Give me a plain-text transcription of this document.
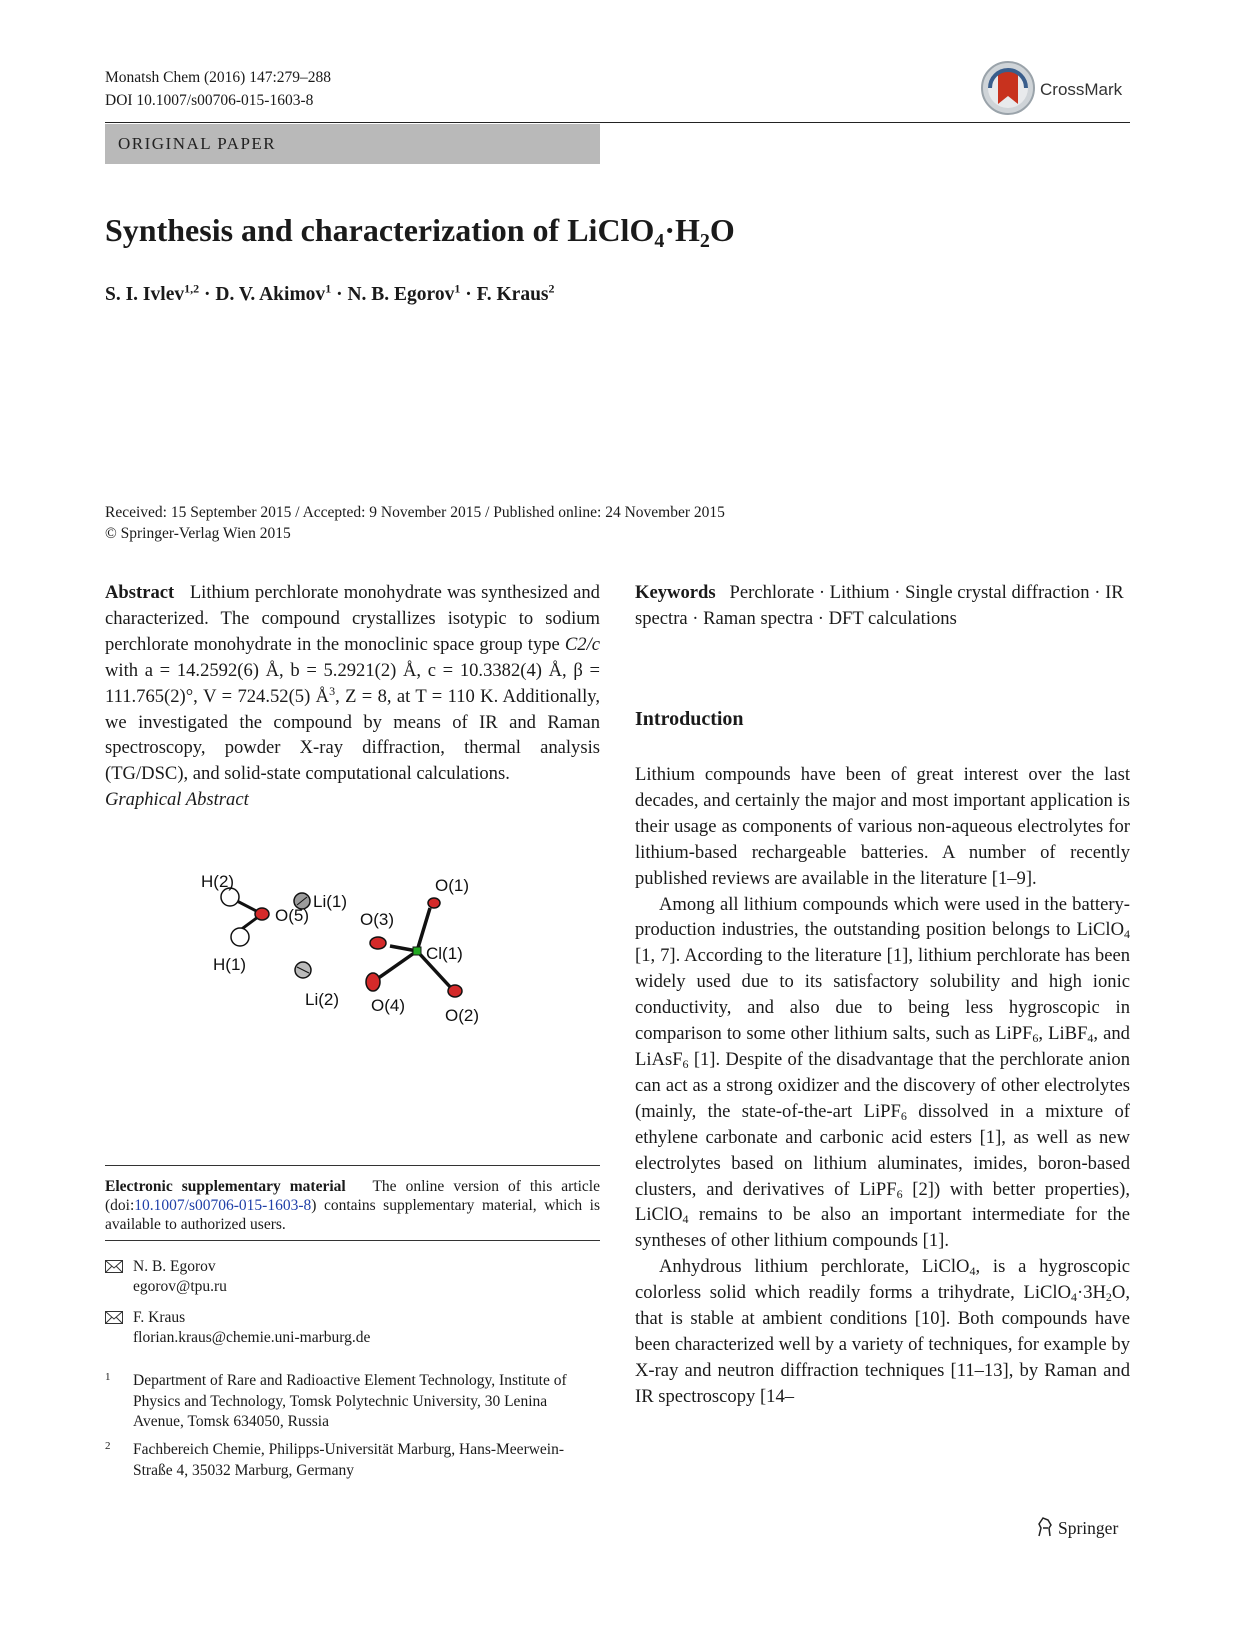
Monatsh Chem (2016) 147:279–288
DOI 10.1007/s00706-015-1603-8
CrossMark
ORIGINAL PAPER
Synthesis and characterization of $LiClO_4\cdot H_2O$
S. I. Ivlev$^{1,2}$ · D. V. Akimov$^1$ · N. B. Egorov$^1$ · F. Kraus$^2$
Received: 15 September 2015 / Accepted: 9 November 2015 / Published online: 24 November 2015
© Springer-Verlag Wien 2015

Abstract Lithium perchlorate monohydrate was synthesized and characterized. The compound crystallizes isotypic to sodium perchlorate monohydrate in the monoclinic space group type C2/c with a = 14.2592(6) Å, b = 5.2921(2) Å, c = 10.3382(4) Å, β = 111.765(2)°, V = 724.52(5) $Å^3$, Z = 8, at T = 110 K. Additionally, we investigated the compound by means of IR and Raman spectroscopy, powder X-ray diffraction, thermal analysis (TG/DSC), and solid-state computational calculations.

Graphical Abstract

Li(1)
H(2)
O(5)
H(1)
Li(2)
O(1)
O(3)
Cl(1)
O(4)
O(2)

Keywords Perchlorate · Lithium · Single crystal diffraction · IR spectra · Raman spectra · DFT calculations

Introduction

Lithium compounds have been of great interest over the last decades, and certainly the major and most important application is their usage as components of various non-aqueous electrolytes for lithium-based rechargeable batteries. A number of recently published reviews are available in the literature [1–9].

Among all lithium compounds which were used in the battery-production industries, the outstanding position belongs to LiClO$_4$ [1, 7]. According to the literature [1], lithium perchlorate has been widely used due to its satisfactory solubility and high ionic conductivity, and also due to being less hygroscopic in comparison to some other lithium salts, such as LiPF$_6$, LiBF$_4$, and LiAsF$_6$ [1]. Despite of the disadvantage that the perchlorate anion can act as a strong oxidizer and the discovery of other electrolytes (mainly, the state-of-the-art LiPF$_6$ dissolved in a mixture of ethylene carbonate and carbonic acid esters [1], as well as new electrolytes based on lithium aluminates, imides, boron-based clusters, and derivatives of LiPF$_6$ [2]) with better properties), LiClO$_4$ remains to be also an important intermediate for the syntheses of other lithium compounds [1].

Anhydrous lithium perchlorate, LiClO$_4$, is a hygroscopic colorless solid which readily forms a trihydrate, $LiClO_4\cdot 3H_2O$, that is stable at ambient conditions [10]. Both compounds have been characterized well by a variety of techniques, for example by X-ray and neutron diffraction techniques [11–13], by Raman and IR spectroscopy [14–

Electronic supplementary material The online version of this article (doi:10.1007/s00706-015-1603-8) contains supplementary material, which is available to authorized users.
N. B. Egorov
egorov@tpu.ru
F. Kraus
florian.kraus@chemie.uni-marburg.de
1 Department of Rare and Radioactive Element Technology, Institute of Physics and Technology, Tomsk Polytechnic University, 30 Lenina Avenue, Tomsk 634050, Russia
2 Fachbereich Chemie, Philipps-Universität Marburg, Hans-Meerwein-Straße 4, 35032 Marburg, Germany
Springer
